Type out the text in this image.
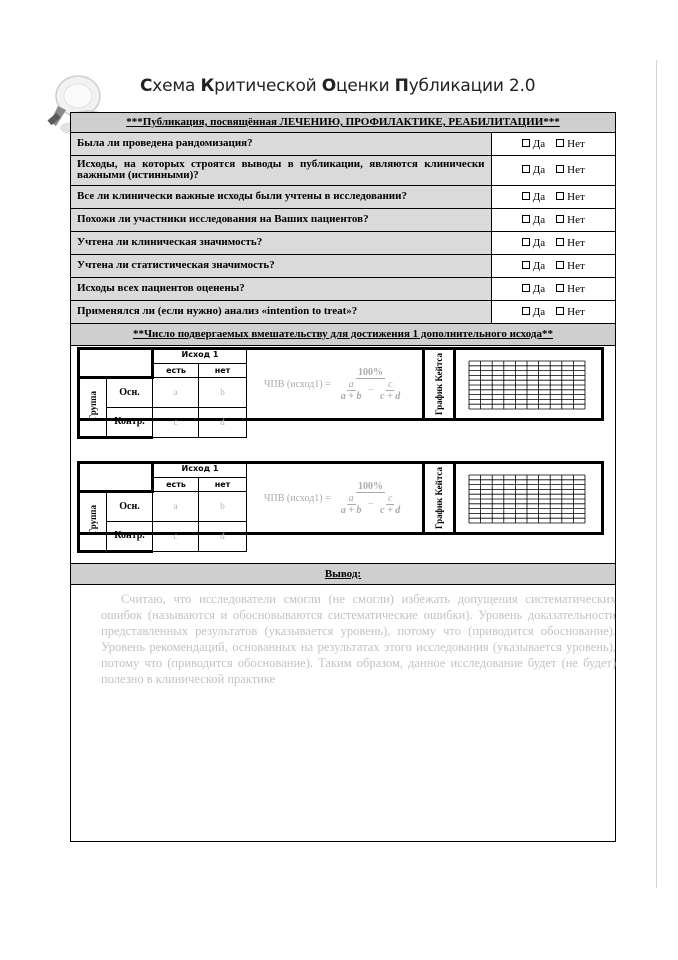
Схема Критической Оценки Публикации 2.0
***Публикация, посвящённая ЛЕЧЕНИЮ, ПРОФИЛАКТИКЕ, РЕАБИЛИТАЦИИ***
Была ли проведена рандомизация?	Да Нет
Исходы, на которых строятся выводы в публикации, являются клинически важными (истинными)?	Да Нет
Все ли клинически важные исходы были учтены в исследовании?	Да Нет
Похожи ли участники исследования на Ваших пациентов?	Да Нет
Учтена ли клиническая значимость?	Да Нет
Учтена ли статистическая значимость?	Да Нет
Исходы всех пациентов оценены?	Да Нет
Применялся ли (если нужно) анализ «intention to treat»?	Да Нет
**Число подвергаемых вмешательству для достижения 1 дополнительного исхода**
		Исход 1	
		есть	нет
Группа	Осн.	a	b
	Контр.	c	d
ЧПВ (исход1) = $\frac{100\%}{\frac{a}{a + b} - \frac{c}{c + d}}$	График Кейтса
		Исход 1	
		есть	нет
Группа	Осн.	a	b
	Контр.	c	d
ЧПВ (исход1) = $\frac{100\%}{\frac{a}{a + b} - \frac{c}{c + d}}$	График Кейтса
Вывод:
Считаю, что исследователи смогли (не смогли) избежать допущения систематических ошибок (называются и обосновываются систематические ошибки). Уровень доказательности представленных результатов (указывается уровень), потому что (приводится обоснование). Уровень рекомендаций, основанных на результатах этого исследования (указывается уровень), потому что (приводится обоснование). Таким образом, данное исследование будет (не будет) полезно в клинической практике
